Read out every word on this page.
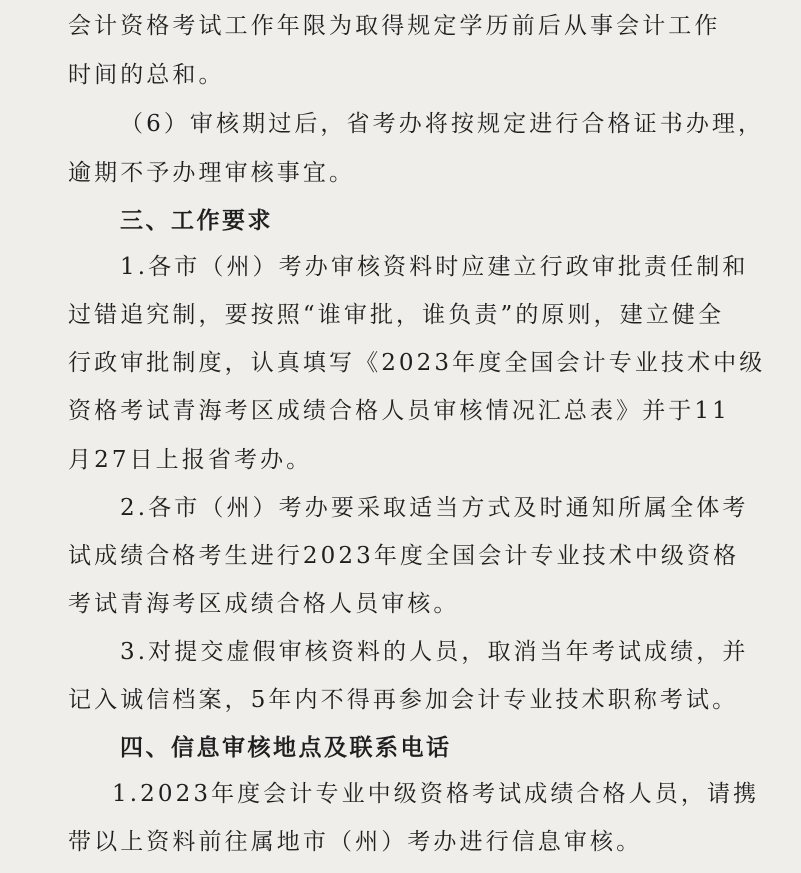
会计资格考试工作年限为取得规定学历前后从事会计工作
时间的总和。
（6）审核期过后，省考办将按规定进行合格证书办理，
逾期不予办理审核事宜。
三、工作要求
1.各市（州）考办审核资料时应建立行政审批责任制和
过错追究制，要按照“谁审批，谁负责”的原则，建立健全
行政审批制度，认真填写《2023年度全国会计专业技术中级
资格考试青海考区成绩合格人员审核情况汇总表》并于11
月27日上报省考办。
2.各市（州）考办要采取适当方式及时通知所属全体考
试成绩合格考生进行2023年度全国会计专业技术中级资格
考试青海考区成绩合格人员审核。
3.对提交虚假审核资料的人员，取消当年考试成绩，并
记入诚信档案，5年内不得再参加会计专业技术职称考试。
四、信息审核地点及联系电话
1.2023年度会计专业中级资格考试成绩合格人员，请携
带以上资料前往属地市（州）考办进行信息审核。
